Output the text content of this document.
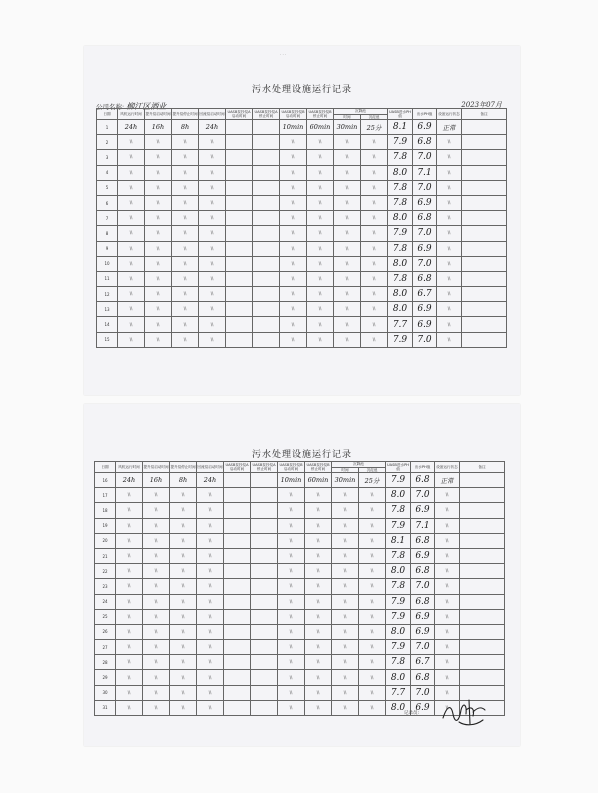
· · ·
污水处理设施运行记录
公司名称: 柳江区酒业	2023年07月
日期	风机运行时间	提升泵启动时间	提升泵停止时间	回流泵启动时间	UASB泵抄泵A启动时间	UASB泵抄泵A停止时间	UASB泵抄泵B启动时间	UASB泵抄泵B停止时间	沉降池		UASB进水PH值	出水PH值	设备运行状态	备注
									时间	沉淀池				
1	24h	16h	8h	24h			10min	60min	30min	25分	8.1	6.9	正常	
2	\\	\\	\\	\\			\\	\\	\\	\\	7.9	6.8	\\	
3	\\	\\	\\	\\			\\	\\	\\	\\	7.8	7.0	\\	
4	\\	\\	\\	\\			\\	\\	\\	\\	8.0	7.1	\\	
5	\\	\\	\\	\\			\\	\\	\\	\\	7.8	7.0	\\	
6	\\	\\	\\	\\			\\	\\	\\	\\	7.8	6.9	\\	
7	\\	\\	\\	\\			\\	\\	\\	\\	8.0	6.8	\\	
8	\\	\\	\\	\\			\\	\\	\\	\\	7.9	7.0	\\	
9	\\	\\	\\	\\			\\	\\	\\	\\	7.8	6.9	\\	
10	\\	\\	\\	\\			\\	\\	\\	\\	8.0	7.0	\\	
11	\\	\\	\\	\\			\\	\\	\\	\\	7.8	6.8	\\	
12	\\	\\	\\	\\			\\	\\	\\	\\	8.0	6.7	\\	
13	\\	\\	\\	\\			\\	\\	\\	\\	8.0	6.9	\\	
14	\\	\\	\\	\\			\\	\\	\\	\\	7.7	6.9	\\	
15	\\	\\	\\	\\			\\	\\	\\	\\	7.9	7.0	\\	
污水处理设施运行记录
日期	风机运行时间	提升泵启动时间	提升泵停止时间	回流泵启动时间	UASB泵抄泵A启动时间	UASB泵抄泵A停止时间	UASB泵抄泵B启动时间	UASB泵抄泵B停止时间	沉降池		UASB进水PH值	出水PH值	设备运行状态	备注
									时间	沉淀池				
16	24h	16h	8h	24h			10min	60min	30min	25分	7.9	6.8	正常	
17	\\	\\	\\	\\			\\	\\	\\	\\	8.0	7.0	\\	
18	\\	\\	\\	\\			\\	\\	\\	\\	7.8	6.9	\\	
19	\\	\\	\\	\\			\\	\\	\\	\\	7.9	7.1	\\	
20	\\	\\	\\	\\			\\	\\	\\	\\	8.1	6.8	\\	
21	\\	\\	\\	\\			\\	\\	\\	\\	7.8	6.9	\\	
22	\\	\\	\\	\\			\\	\\	\\	\\	8.0	6.8	\\	
23	\\	\\	\\	\\			\\	\\	\\	\\	7.8	7.0	\\	
24	\\	\\	\\	\\			\\	\\	\\	\\	7.9	6.8	\\	
25	\\	\\	\\	\\			\\	\\	\\	\\	7.9	6.9	\\	
26	\\	\\	\\	\\			\\	\\	\\	\\	8.0	6.9	\\	
27	\\	\\	\\	\\			\\	\\	\\	\\	7.9	7.0	\\	
28	\\	\\	\\	\\			\\	\\	\\	\\	7.8	6.7	\\	
29	\\	\\	\\	\\			\\	\\	\\	\\	8.0	6.8	\\	
30	\\	\\	\\	\\			\\	\\	\\	\\	7.7	7.0	\\	
31	\\	\\	\\	\\			\\	\\	\\	\\	8.0	6.9	\\	
记录员:
